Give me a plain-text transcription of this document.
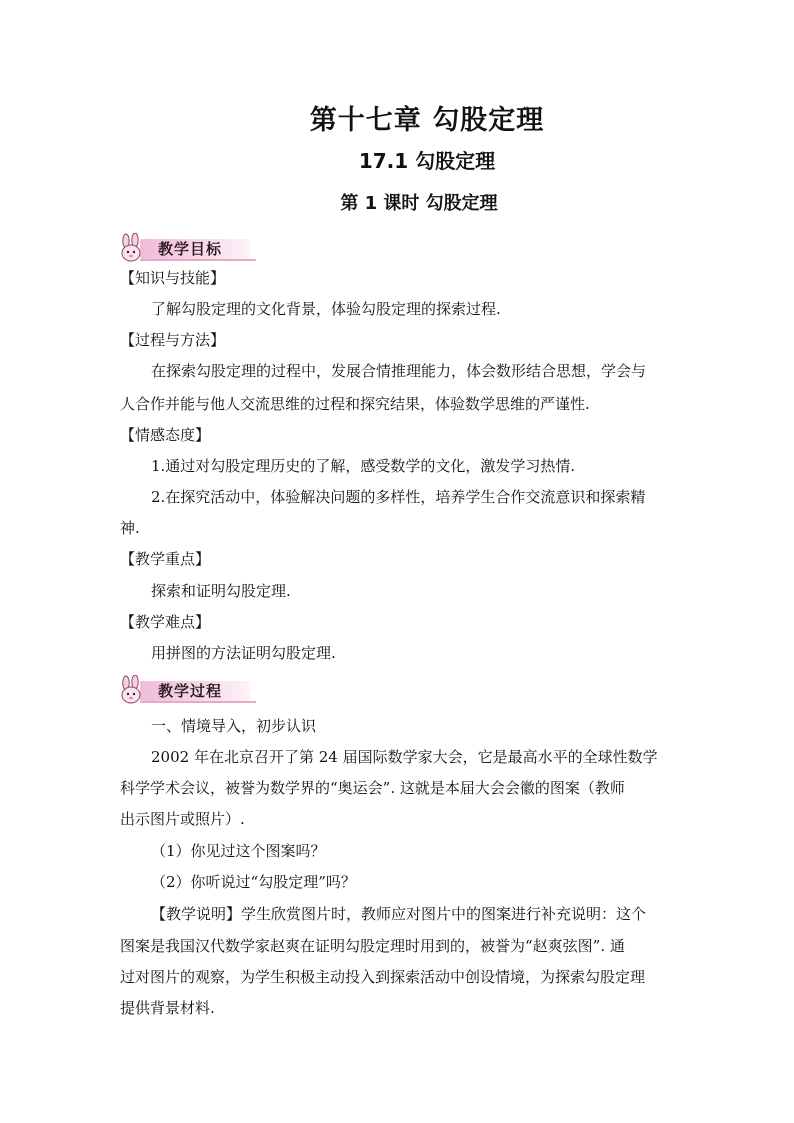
第十七章 勾股定理
17.1 勾股定理
第 1 课时 勾股定理
教学目标
【知识与技能】
了解勾股定理的文化背景，体验勾股定理的探索过程.
【过程与方法】
在探索勾股定理的过程中，发展合情推理能力，体会数形结合思想，学会与
人合作并能与他人交流思维的过程和探究结果，体验数学思维的严谨性.
【情感态度】
1.通过对勾股定理历史的了解，感受数学的文化，激发学习热情.
2.在探究活动中，体验解决问题的多样性，培养学生合作交流意识和探索精
神.
【教学重点】
探索和证明勾股定理.
【教学难点】
用拼图的方法证明勾股定理.
教学过程
一、情境导入，初步认识
2002 年在北京召开了第 24 届国际数学家大会，它是最高水平的全球性数学
科学学术会议，被誉为数学界的“奥运会”. 这就是本届大会会徽的图案（教师
出示图片或照片）.
（1）你见过这个图案吗？
（2）你听说过“勾股定理”吗？
【教学说明】学生欣赏图片时，教师应对图片中的图案进行补充说明：这个
图案是我国汉代数学家赵爽在证明勾股定理时用到的，被誉为“赵爽弦图”. 通
过对图片的观察，为学生积极主动投入到探索活动中创设情境，为探索勾股定理
提供背景材料.
